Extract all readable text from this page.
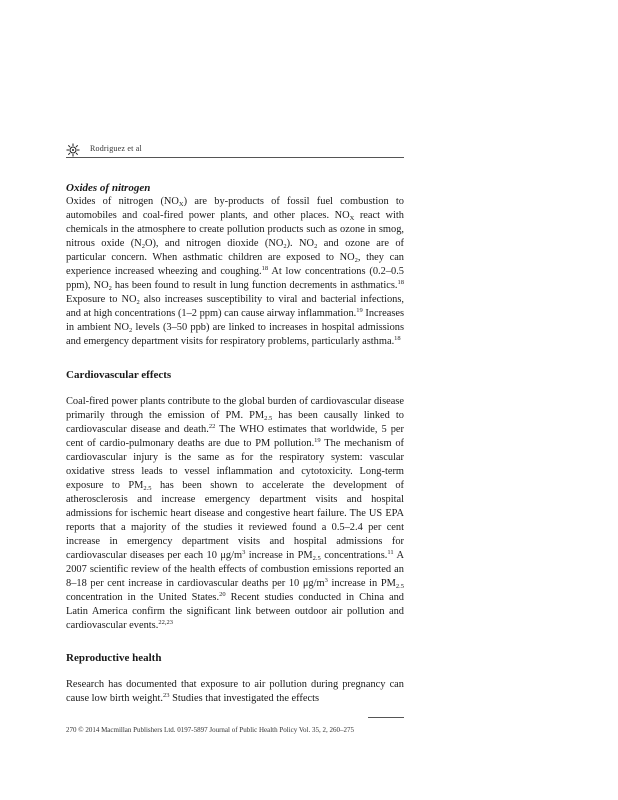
Rodriguez et al
Oxides of nitrogen

Oxides of nitrogen $(NO_X)$ are by-products of fossil fuel combustion to automobiles and coal-fired power plants, and other places. $NO_X$ react with chemicals in the atmosphere to create pollution products such as ozone in smog, nitrous oxide $(N_2O)$, and nitrogen dioxide $(NO_2)$. $NO_2$ and ozone are of particular concern. When asthmatic children are exposed to $NO_2$, they can experience increased wheezing and coughing.$^{18}$ At low concentrations (0.2–0.5 ppm), $NO_2$ has been found to result in lung function decrements in asthmatics.$^{18}$ Exposure to $NO_2$ also increases susceptibility to viral and bacterial infections, and at high concentrations (1–2 ppm) can cause airway inflammation.$^{19}$ Increases in ambient $NO_2$ levels (3–50 ppb) are linked to increases in hospital admissions and emergency department visits for respiratory problems, particularly asthma.$^{18}$

Cardiovascular effects

Coal-fired power plants contribute to the global burden of cardiovascular disease primarily through the emission of PM. $PM_{2.5}$ has been causally linked to cardiovascular disease and death.$^{22}$ The WHO estimates that worldwide, 5 per cent of cardio-pulmonary deaths are due to PM pollution.$^{19}$ The mechanism of cardiovascular injury is the same as for the respiratory system: vascular oxidative stress leads to vessel inflammation and cytotoxicity. Long-term exposure to $PM_{2.5}$ has been shown to accelerate the development of atherosclerosis and increase emergency department visits and hospital admissions for ischemic heart disease and congestive heart failure. The US EPA reports that a majority of the studies it reviewed found a 0.5–2.4 per cent increase in emergency department visits and hospital admissions for cardiovascular diseases per each 10 $\mu g/m^3$ increase in $PM_{2.5}$ concentrations.$^{11}$ A 2007 scientific review of the health effects of combustion emissions reported an 8–18 per cent increase in cardiovascular deaths per 10 $\mu g/m^3$ increase in $PM_{2.5}$ concentration in the United States.$^{20}$ Recent studies conducted in China and Latin America confirm the significant link between outdoor air pollution and cardiovascular events.$^{22,23}$

Reproductive health

Research has documented that exposure to air pollution during pregnancy can cause low birth weight.$^{23}$ Studies that investigated the effects

270 © 2014 Macmillan Publishers Ltd. 0197-5897 Journal of Public Health Policy Vol. 35, 2, 260–275
